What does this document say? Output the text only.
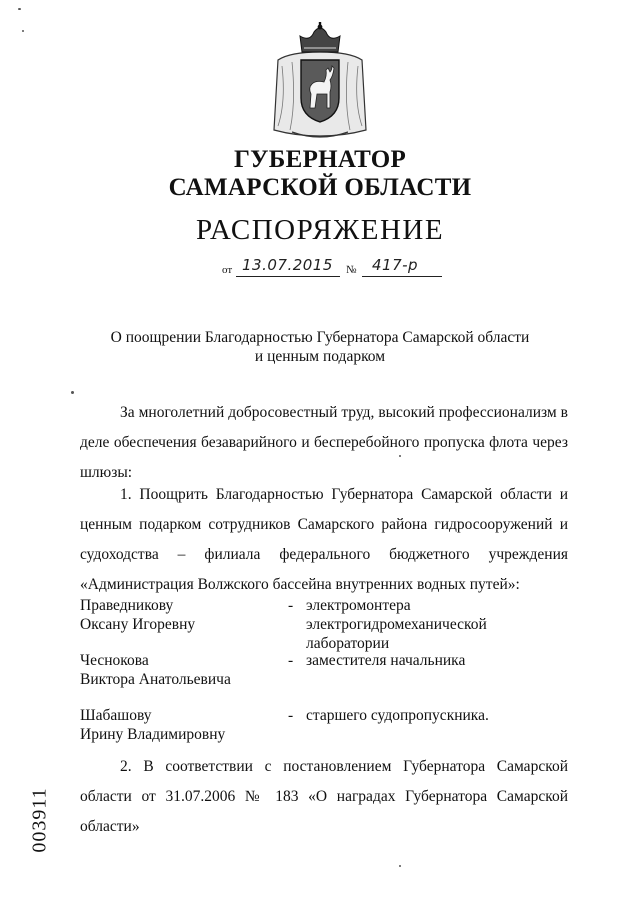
ГУБЕРНАТОР
САМАРСКОЙ ОБЛАСТИ
РАСПОРЯЖЕНИЕ
от 13.07.2015 № 417-р
О поощрении Благодарностью Губернатора Самарской области
и ценным подарком
За многолетний добросовестный труд, высокий профессионализм в деле обеспечения безаварийного и бесперебойного пропуска флота через шлюзы:
1. Поощрить Благодарностью Губернатора Самарской области и ценным подарком сотрудников Самарского района гидросооружений и судоходства – филиала федерального бюджетного учреждения «Администрация Волжского бассейна внутренних водных путей»:
Праведникову
Оксану Игоревну
- электромонтера электрогидромеханической лаборатории
Чеснокова
Виктора Анатольевича
- заместителя начальника
Шабашову
Ирину Владимировну
- старшего судопропускника.
2. В соответствии с постановлением Губернатора Самарской области от 31.07.2006 № 183 «О наградах Губернатора Самарской области»
003911
